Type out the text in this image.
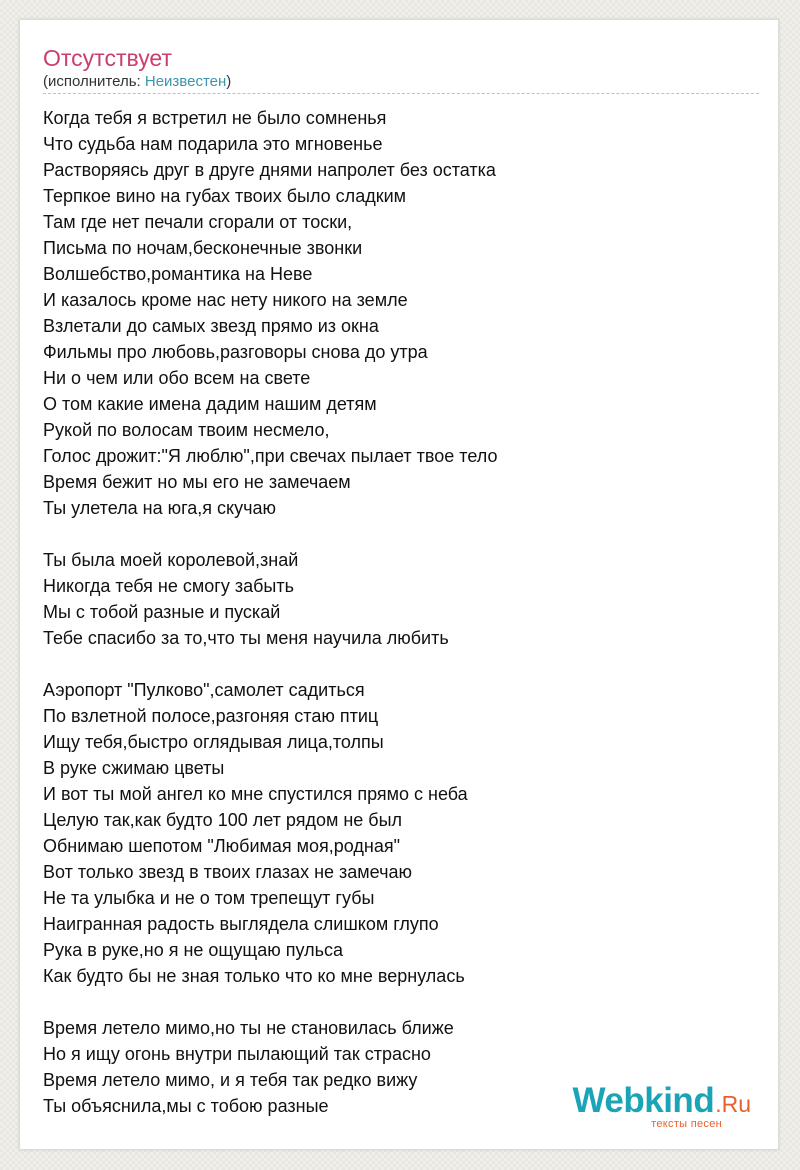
Отсутствует
(исполнитель: Неизвестен)
Когда тебя я встретил не было сомненья
Что судьба нам подарила это мгновенье
Растворяясь друг в друге днями напролет без остатка
Терпкое вино на губах твоих было сладким
Там где нет печали сгорали от тоски,
Письма по ночам,бесконечные звонки
Волшебство,романтика на Неве
И казалось кроме нас нету никого на земле
Взлетали до самых звезд прямо из окна
Фильмы про любовь,разговоры снова до утра
Ни о чем или обо всем на свете
О том какие имена дадим нашим детям
Рукой по волосам твоим несмело,
Голос дрожит:"Я люблю",при свечах пылает твое тело
Время бежит но мы его не замечаем
Ты улетела на юга,я скучаю
Ты была моей королевой,знай
Никогда тебя не смогу забыть
Мы с тобой разные и пускай
Тебе спасибо за то,что ты меня научила любить
Аэропорт "Пулково",самолет садиться
По взлетной полосе,разгоняя стаю птиц
Ищу тебя,быстро оглядывая лица,толпы
В руке сжимаю цветы
И вот ты мой ангел ко мне спустился прямо с неба
Целую так,как будто 100 лет рядом не был
Обнимаю шепотом "Любимая моя,родная"
Вот только звезд в твоих глазах не замечаю
Не та улыбка и не о том трепещут губы
Наигранная радость выглядела слишком глупо
Рука в руке,но я не ощущаю пульса
Как будто бы не зная только что ко мне вернулась
Время летело мимо,но ты не становилась ближе
Но я ищу огонь внутри пылающий так страсно
Время летело мимо, и я тебя так редко вижу
Ты объяснила,мы с тобою разные	Webkind.Ru
тексты песен
